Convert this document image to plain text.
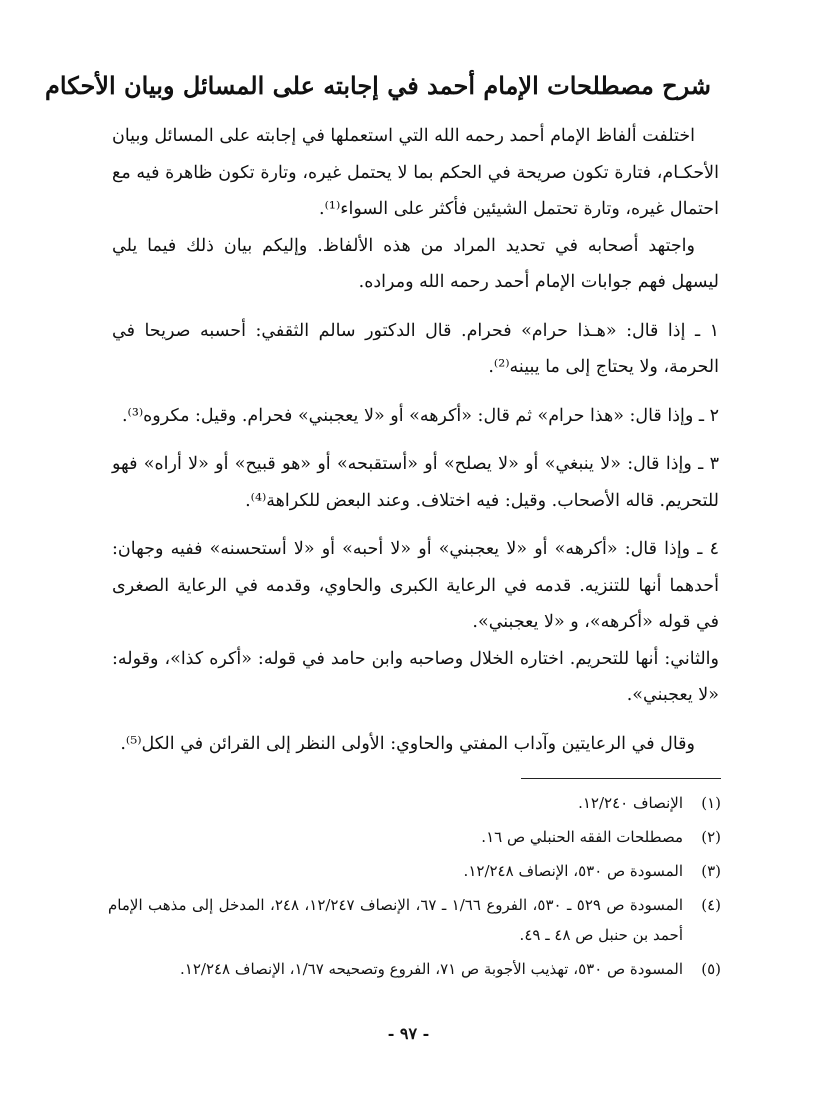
شرح مصطلحات الإمام أحمد في إجابته على المسائل وبيان الأحكام

اختلفت ألفاظ الإمام أحمد رحمه الله التي استعملها في إجابته على المسائل وبيان الأحكـام، فتارة تكون صريحة في الحكم بما لا يحتمل غيره، وتارة تكون ظاهرة فيه مع احتمال غيره، وتارة تحتمل الشيئين فأكثر على السواء⁽¹⁾.

واجتهد أصحابه في تحديد المراد من هذه الألفاظ. وإليكم بيان ذلك فيما يلي ليسهل فهم جوابات الإمام أحمد رحمه الله ومراده.

١ ـ إذا قال: «هـذا حرام» فحرام. قال الدكتور سالم الثقفي: أحسبه صريحا في الحرمة، ولا يحتاج إلى ما يبينه⁽²⁾.

٢ ـ وإذا قال: «هذا حرام» ثم قال: «أكرهه» أو «لا يعجبني» فحرام. وقيل: مكروه⁽³⁾.

٣ ـ وإذا قال: «لا ينبغي» أو «لا يصلح» أو «أستقبحه» أو «هو قبيح» أو «لا أراه» فهو للتحريم. قاله الأصحاب. وقيل: فيه اختلاف. وعند البعض للكراهة⁽⁴⁾.

٤ ـ وإذا قال: «أكرهه» أو «لا يعجبني» أو «لا أحبه» أو «لا أستحسنه» ففيه وجهان: أحدهما أنها للتنزيه. قدمه في الرعاية الكبرى والحاوي، وقدمه في الرعاية الصغرى في قوله «أكرهه»، و «لا يعجبني».

والثاني: أنها للتحريم. اختاره الخلال وصاحبه وابن حامد في قوله: «أكره كذا»، وقوله: «لا يعجبني».

وقال في الرعايتين وآداب المفتي والحاوي: الأولى النظر إلى القرائن في الكل⁽⁵⁾.

(١)
الإنصاف ١٢/٢٤٠.

(٢)
مصطلحات الفقه الحنبلي ص ١٦.

(٣)
المسودة ص ٥٣٠، الإنصاف ١٢/٢٤٨.

(٤)
المسودة ص ٥٢٩ ـ ٥٣٠، الفروع ١/٦٦ ـ ٦٧، الإنصاف ١٢/٢٤٧، ٢٤٨، المدخل إلى مذهب الإمام أحمد بن حنبل ص ٤٨ ـ ٤٩.

(٥)
المسودة ص ٥٣٠، تهذيب الأجوبة ص ٧١، الفروع وتصحيحه ١/٦٧، الإنصاف ١٢/٢٤٨.

- ٩٧ -
